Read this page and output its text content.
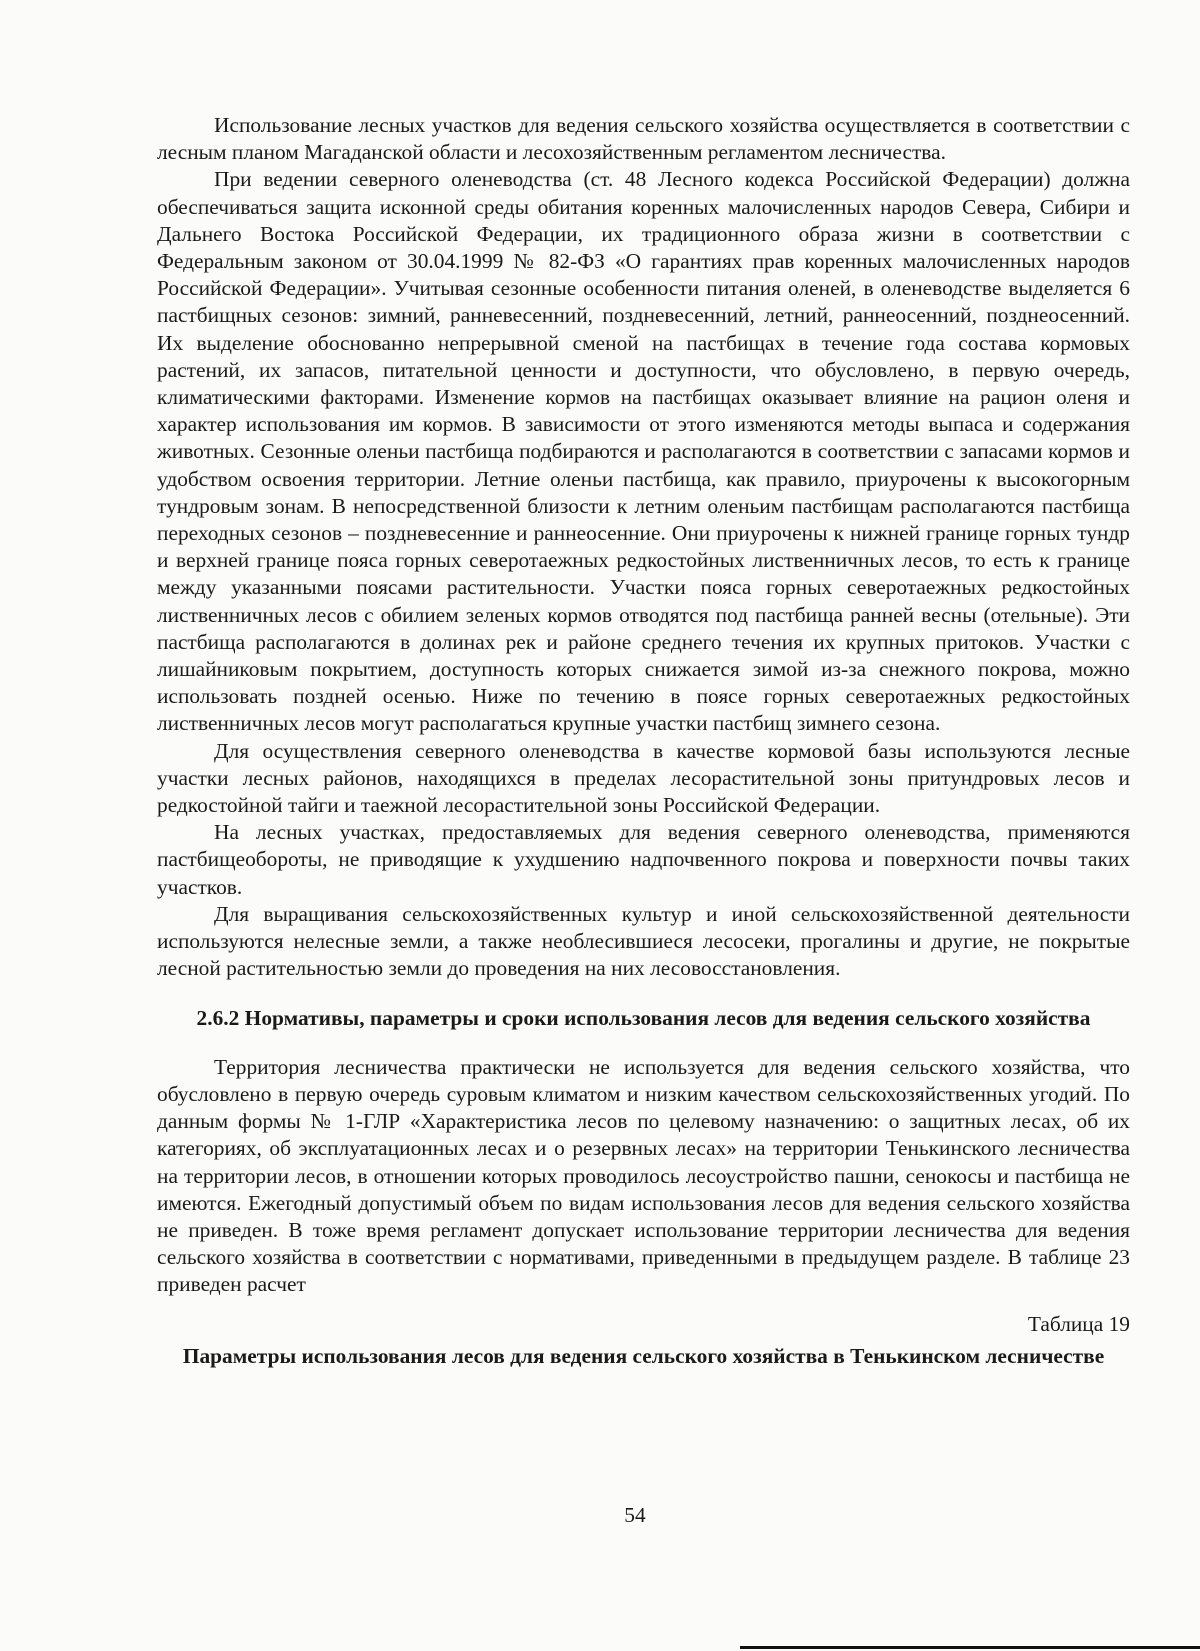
Использование лесных участков для ведения сельского хозяйства осуществляется в соответствии с лесным планом Магаданской области и лесохозяйственным регламентом лесничества.

При ведении северного оленеводства (ст. 48 Лесного кодекса Российской Федерации) должна обеспечиваться защита исконной среды обитания коренных малочисленных народов Севера, Сибири и Дальнего Востока Российской Федерации, их традиционного образа жизни в соответствии с Федеральным законом от 30.04.1999 № 82-ФЗ «О гарантиях прав коренных малочисленных народов Российской Федерации». Учитывая сезонные особенности питания оленей, в оленеводстве выделяется 6 пастбищных сезонов: зимний, ранневесенний, поздневесенний, летний, раннеосенний, позднеосенний. Их выделение обоснованно непрерывной сменой на пастбищах в течение года состава кормовых растений, их запасов, питательной ценности и доступности, что обусловлено, в первую очередь, климатическими факторами. Изменение кормов на пастбищах оказывает влияние на рацион оленя и характер использования им кормов. В зависимости от этого изменяются методы выпаса и содержания животных. Сезонные оленьи пастбища подбираются и располагаются в соответствии с запасами кормов и удобством освоения территории. Летние оленьи пастбища, как правило, приурочены к высокогорным тундровым зонам. В непосредственной близости к летним оленьим пастбищам располагаются пастбища переходных сезонов – поздневесенние и раннеосенние. Они приурочены к нижней границе горных тундр и верхней границе пояса горных северотаежных редкостойных лиственничных лесов, то есть к границе между указанными поясами растительности. Участки пояса горных северотаежных редкостойных лиственничных лесов с обилием зеленых кормов отводятся под пастбища ранней весны (отельные). Эти пастбища располагаются в долинах рек и районе среднего течения их крупных притоков. Участки с лишайниковым покрытием, доступность которых снижается зимой из-за снежного покрова, можно использовать поздней осенью. Ниже по течению в поясе горных северотаежных редкостойных лиственничных лесов могут располагаться крупные участки пастбищ зимнего сезона.

Для осуществления северного оленеводства в качестве кормовой базы используются лесные участки лесных районов, находящихся в пределах лесорастительной зоны притундровых лесов и редкостойной тайги и таежной лесорастительной зоны Российской Федерации.

На лесных участках, предоставляемых для ведения северного оленеводства, применяются пастбищеобороты, не приводящие к ухудшению надпочвенного покрова и поверхности почвы таких участков.

Для выращивания сельскохозяйственных культур и иной сельскохозяйственной деятельности используются нелесные земли, а также необлесившиеся лесосеки, прогалины и другие, не покрытые лесной растительностью земли до проведения на них лесовосстановления.

2.6.2 Нормативы, параметры и сроки использования лесов для ведения сельского хозяйства

Территория лесничества практически не используется для ведения сельского хозяйства, что обусловлено в первую очередь суровым климатом и низким качеством сельскохозяйственных угодий. По данным формы № 1-ГЛР «Характеристика лесов по целевому назначению: о защитных лесах, об их категориях, об эксплуатационных лесах и о резервных лесах» на территории Тенькинского лесничества на территории лесов, в отношении которых проводилось лесоустройство пашни, сенокосы и пастбища не имеются. Ежегодный допустимый объем по видам использования лесов для ведения сельского хозяйства не приведен. В тоже время регламент допускает использование территории лесничества для ведения сельского хозяйства в соответствии с нормативами, приведенными в предыдущем разделе. В таблице 23 приведен расчет

Таблица 19
Параметры использования лесов для ведения сельского хозяйства в Тенькинском лесничестве
54
